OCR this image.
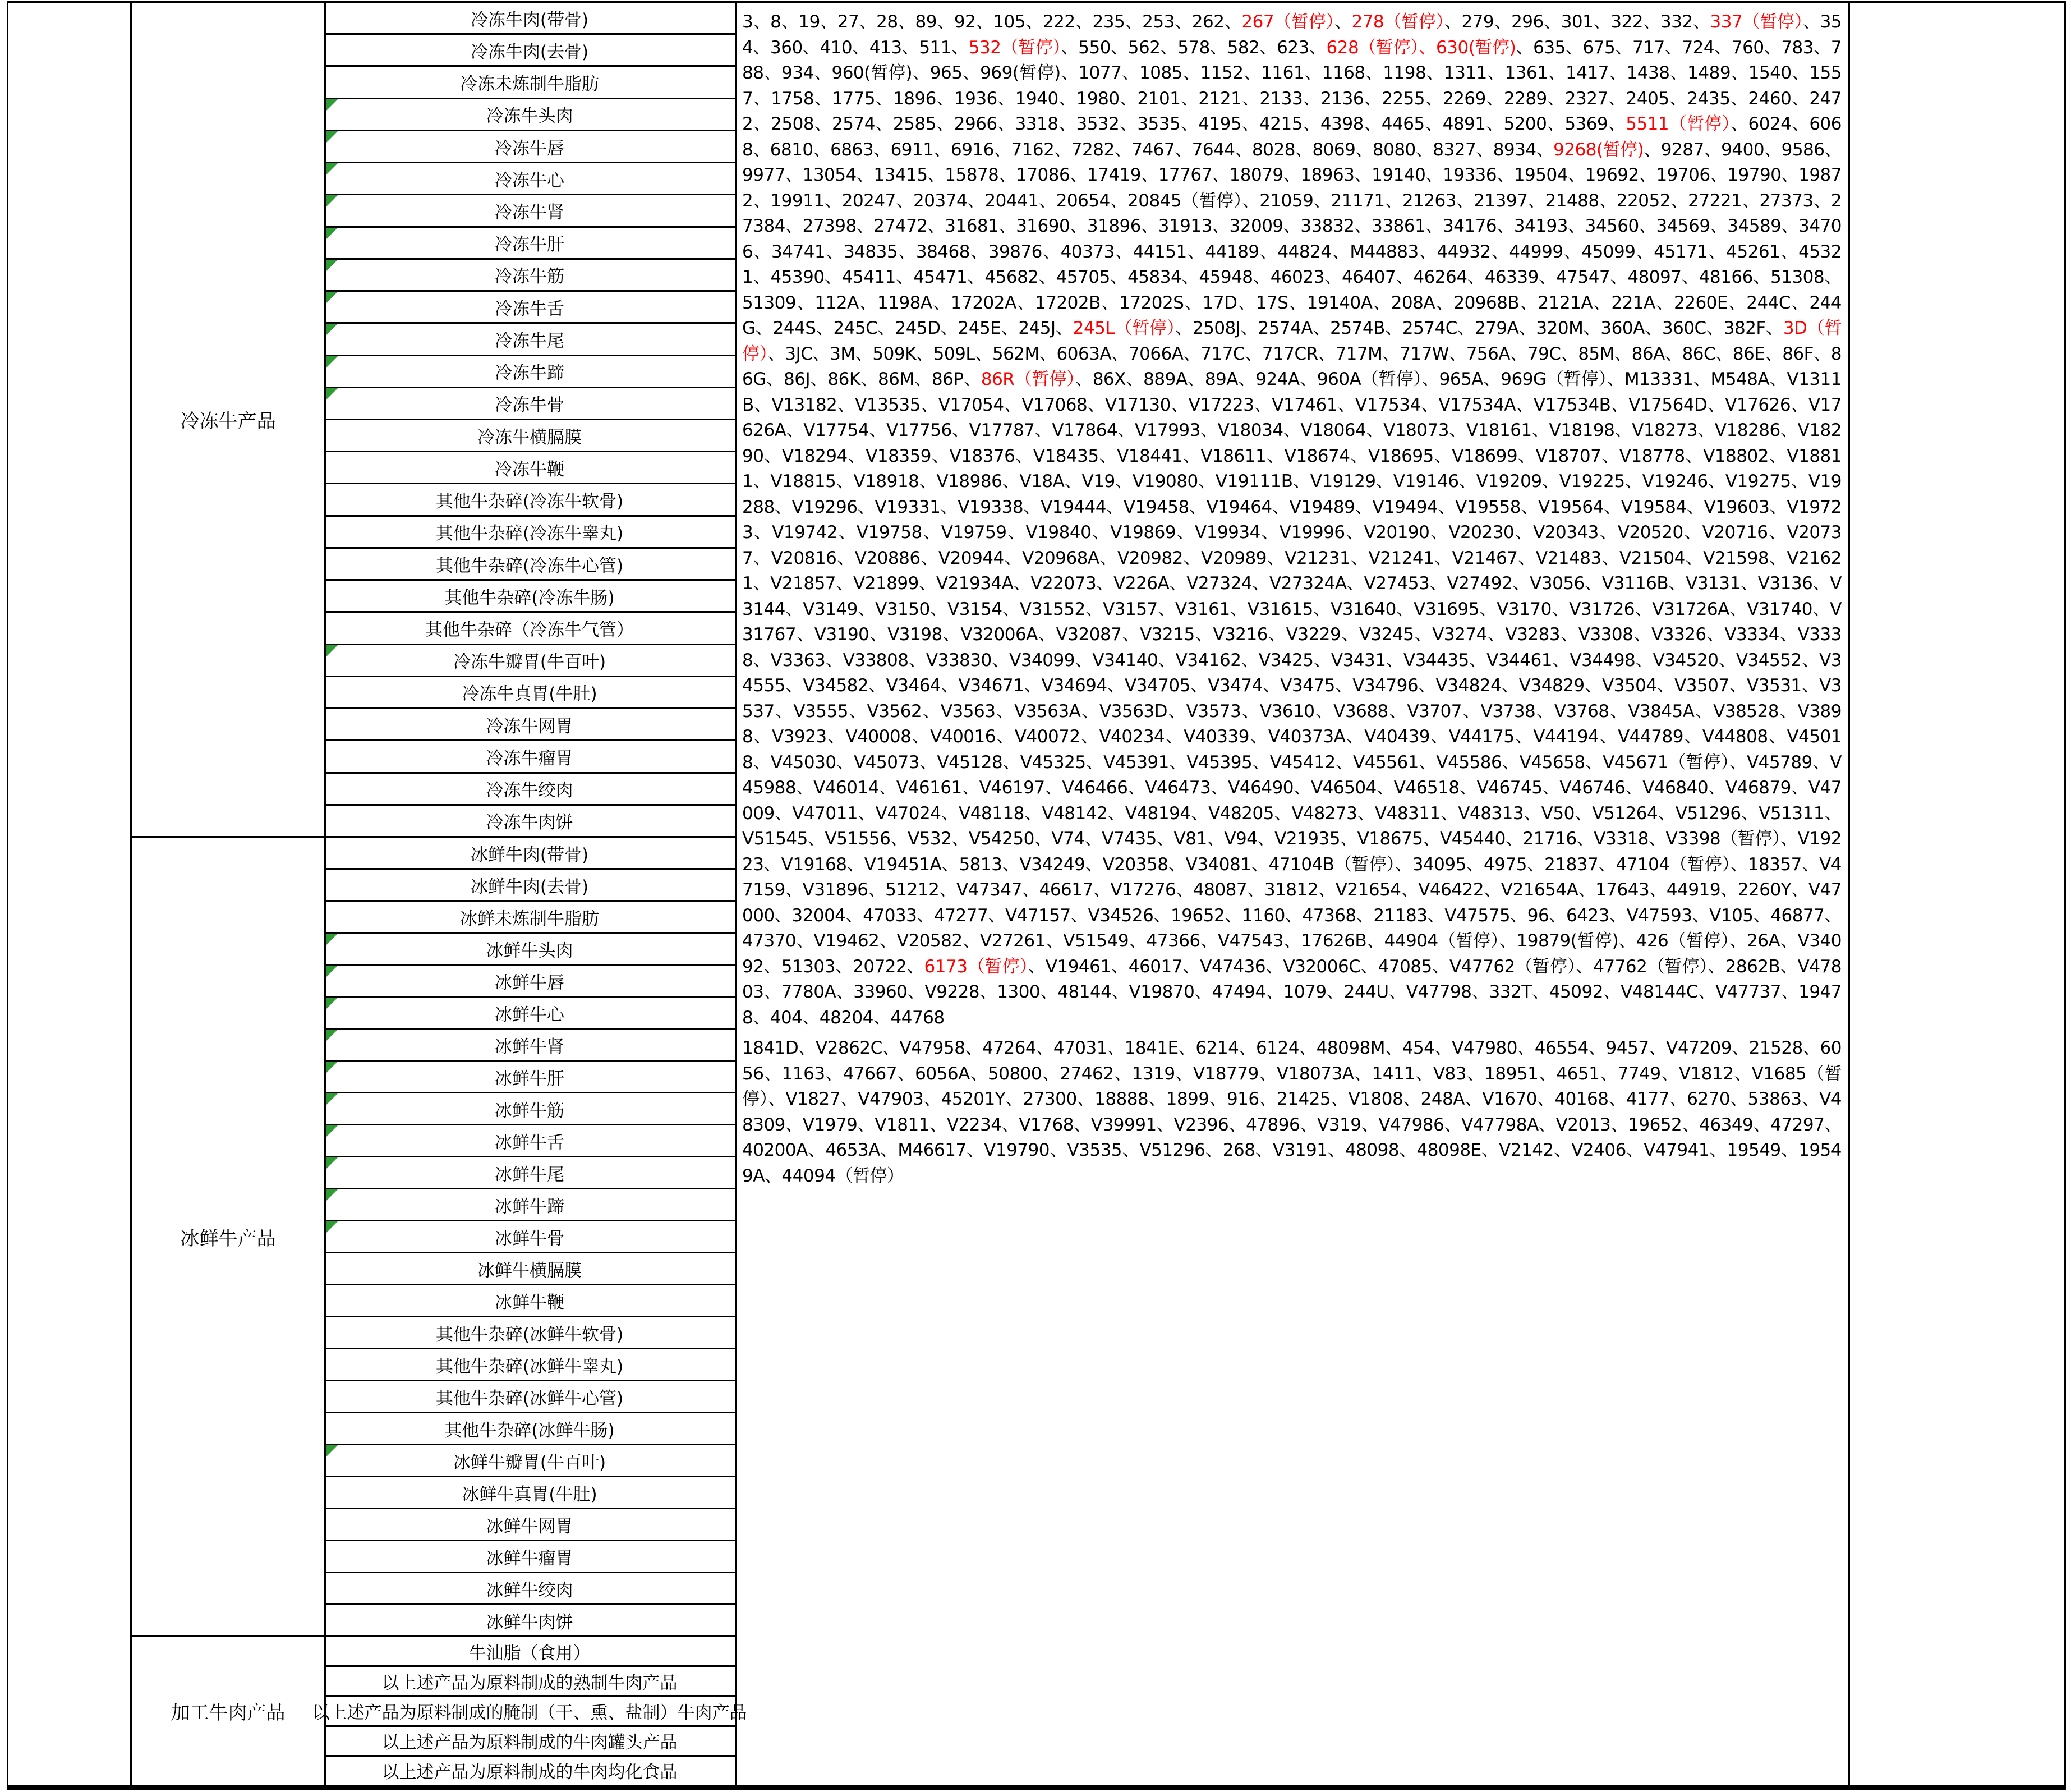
冷冻牛产品
冰鲜牛产品
加工牛肉产品
冷冻牛肉(带骨)
冷冻牛肉(去骨)
冷冻未炼制牛脂肪
冷冻牛头肉
冷冻牛唇
冷冻牛心
冷冻牛肾
冷冻牛肝
冷冻牛筋
冷冻牛舌
冷冻牛尾
冷冻牛蹄
冷冻牛骨
冷冻牛横膈膜
冷冻牛鞭
其他牛杂碎(冷冻牛软骨)
其他牛杂碎(冷冻牛睾丸)
其他牛杂碎(冷冻牛心管)
其他牛杂碎(冷冻牛肠)
其他牛杂碎（冷冻牛气管）
冷冻牛瓣胃(牛百叶)
冷冻牛真胃(牛肚)
冷冻牛网胃
冷冻牛瘤胃
冷冻牛绞肉
冷冻牛肉饼
冰鲜牛肉(带骨)
冰鲜牛肉(去骨)
冰鲜未炼制牛脂肪
冰鲜牛头肉
冰鲜牛唇
冰鲜牛心
冰鲜牛肾
冰鲜牛肝
冰鲜牛筋
冰鲜牛舌
冰鲜牛尾
冰鲜牛蹄
冰鲜牛骨
冰鲜牛横膈膜
冰鲜牛鞭
其他牛杂碎(冰鲜牛软骨)
其他牛杂碎(冰鲜牛睾丸)
其他牛杂碎(冰鲜牛心管)
其他牛杂碎(冰鲜牛肠)
冰鲜牛瓣胃(牛百叶)
冰鲜牛真胃(牛肚)
冰鲜牛网胃
冰鲜牛瘤胃
冰鲜牛绞肉
冰鲜牛肉饼
牛油脂（食用）
以上述产品为原料制成的熟制牛肉产品
以上述产品为原料制成的腌制（干、熏、盐制）牛肉产品
以上述产品为原料制成的牛肉罐头产品
以上述产品为原料制成的牛肉均化食品

3、8、19、27、28、89、92、105、222、235、253、262、267（暂停）、278（暂停）、279、296、301、322、332、337（暂停）、354、360、410、413、511、532（暂停）、550、562、578、582、623、628（暂停）、630(暂停)、635、675、717、724、760、783、788、934、960(暂停)、965、969(暂停)、1077、1085、1152、1161、1168、1198、1311、1361、1417、1438、1489、1540、1557、1758、1775、1896、1936、1940、1980、2101、2121、2133、2136、2255、2269、2289、2327、2405、2435、2460、2472、2508、2574、2585、2966、3318、3532、3535、4195、4215、4398、4465、4891、5200、5369、5511（暂停）、6024、6068、6810、6863、6911、6916、7162、7282、7467、7644、8028、8069、8080、8327、8934、9268(暂停)、9287、9400、9586、9977、13054、13415、15878、17086、17419、17767、18079、18963、19140、19336、19504、19692、19706、19790、19872、19911、20247、20374、20441、20654、20845（暂停）、21059、21171、21263、21397、21488、22052、27221、27373、27384、27398、27472、31681、31690、31896、31913、32009、33832、33861、34176、34193、34560、34569、34589、34706、34741、34835、38468、39876、40373、44151、44189、44824、M44883、44932、44999、45099、45171、45261、45321、45390、45411、45471、45682、45705、45834、45948、46023、46407、46264、46339、47547、48097、48166、51308、51309、112A、1198A、17202A、17202B、17202S、17D、17S、19140A、208A、20968B、2121A、221A、2260E、244C、244G、244S、245C、245D、245E、245J、245L（暂停）、2508J、2574A、2574B、2574C、279A、320M、360A、360C、382F、3D（暂停）、3JC、3M、509K、509L、562M、6063A、7066A、717C、717CR、717M、717W、756A、79C、85M、86A、86C、86E、86F、86G、86J、86K、86M、86P、86R（暂停）、86X、889A、89A、924A、960A（暂停）、965A、969G（暂停）、M13331、M548A、V1311B、V13182、V13535、V17054、V17068、V17130、V17223、V17461、V17534、V17534A、V17534B、V17564D、V17626、V17626A、V17754、V17756、V17787、V17864、V17993、V18034、V18064、V18073、V18161、V18198、V18273、V18286、V18290、V18294、V18359、V18376、V18435、V18441、V18611、V18674、V18695、V18699、V18707、V18778、V18802、V18811、V18815、V18918、V18986、V18A、V19、V19080、V19111B、V19129、V19146、V19209、V19225、V19246、V19275、V19288、V19296、V19331、V19338、V19444、V19458、V19464、V19489、V19494、V19558、V19564、V19584、V19603、V19723、V19742、V19758、V19759、V19840、V19869、V19934、V19996、V20190、V20230、V20343、V20520、V20716、V20737、V20816、V20886、V20944、V20968A、V20982、V20989、V21231、V21241、V21467、V21483、V21504、V21598、V21621、V21857、V21899、V21934A、V22073、V226A、V27324、V27324A、V27453、V27492、V3056、V3116B、V3131、V3136、V3144、V3149、V3150、V3154、V31552、V3157、V3161、V31615、V31640、V31695、V3170、V31726、V31726A、V31740、V31767、V3190、V3198、V32006A、V32087、V3215、V3216、V3229、V3245、V3274、V3283、V3308、V3326、V3334、V3338、V3363、V33808、V33830、V34099、V34140、V34162、V3425、V3431、V34435、V34461、V34498、V34520、V34552、V34555、V34582、V3464、V34671、V34694、V34705、V3474、V3475、V34796、V34824、V34829、V3504、V3507、V3531、V3537、V3555、V3562、V3563、V3563A、V3563D、V3573、V3610、V3688、V3707、V3738、V3768、V3845A、V38528、V3898、V3923、V40008、V40016、V40072、V40234、V40339、V40373A、V40439、V44175、V44194、V44789、V44808、V45018、V45030、V45073、V45128、V45325、V45391、V45395、V45412、V45561、V45586、V45658、V45671（暂停）、V45789、V45988、V46014、V46161、V46197、V46466、V46473、V46490、V46504、V46518、V46745、V46746、V46840、V46879、V47009、V47011、V47024、V48118、V48142、V48194、V48205、V48273、V48311、V48313、V50、V51264、V51296、V51311、V51545、V51556、V532、V54250、V74、V7435、V81、V94、V21935、V18675、V45440、21716、V3318、V3398（暂停）、V19223、V19168、V19451A、5813、V34249、V20358、V34081、47104B（暂停）、34095、4975、21837、47104（暂停）、18357、V47159、V31896、51212、V47347、46617、V17276、48087、31812、V21654、V46422、V21654A、17643、44919、2260Y、V47000、32004、47033、47277、V47157、V34526、19652、1160、47368、21183、V47575、96、6423、V47593、V105、46877、47370、V19462、V20582、V27261、V51549、47366、V47543、17626B、44904（暂停）、19879(暂停)、426（暂停）、26A、V34092、51303、20722、6173（暂停）、V19461、46017、V47436、V32006C、47085、V47762（暂停）、47762（暂停）、2862B、V47803、7780A、33960、V9228、1300、48144、V19870、47494、1079、244U、V47798、332T、45092、V48144C、V47737、19478、404、48204、44768

1841D、V2862C、V47958、47264、47031、1841E、6214、6124、48098M、454、V47980、46554、9457、V47209、21528、6056、1163、47667、6056A、50800、27462、1319、V18779、V18073A、1411、V83、18951、4651、7749、V1812、V1685（暂停）、V1827、V47903、45201Y、27300、18888、1899、916、21425、V1808、248A、V1670、40168、4177、6270、53863、V48309、V1979、V1811、V2234、V1768、V39991、V2396、47896、V319、V47986、V47798A、V2013、19652、46349、47297、40200A、4653A、M46617、V19790、V3535、V51296、268、V3191、48098、48098E、V2142、V2406、V47941、19549、19549A、44094（暂停）
